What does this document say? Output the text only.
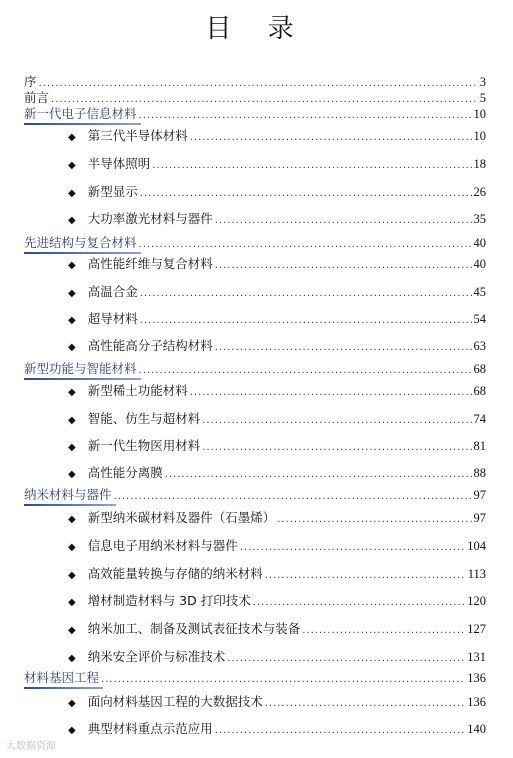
目 录
序 .....	3
前言 .....	5
新一代电子信息材料 .....	10
◆ 第三代半导体材料 .....	10
◆ 半导体照明 .....	18
◆ 新型显示 .....	26
◆ 大功率激光材料与器件 .....	35
先进结构与复合材料 .....	40
◆ 高性能纤维与复合材料 .....	40
◆ 高温合金 .....	45
◆ 超导材料 .....	54
◆ 高性能高分子结构材料 .....	63
新型功能与智能材料 .....	68
◆ 新型稀土功能材料 .....	68
◆ 智能、仿生与超材料 .....	74
◆ 新一代生物医用材料 .....	81
◆ 高性能分离膜 .....	88
纳米材料与器件 .....	97
◆ 新型纳米碳材料及器件（石墨烯） .....	97
◆ 信息电子用纳米材料与器件 .....	104
◆ 高效能量转换与存储的纳米材料 .....	113
◆ 增材制造材料与 3D 打印技术 .....	120
◆ 纳米加工、制备及测试表征技术与装备 .....	127
◆ 纳米安全评价与标准技术 .....	131
材料基因工程 .....	136
◆ 面向材料基因工程的大数据技术 .....	136
◆ 典型材料重点示范应用 .....	140
大数据资源
